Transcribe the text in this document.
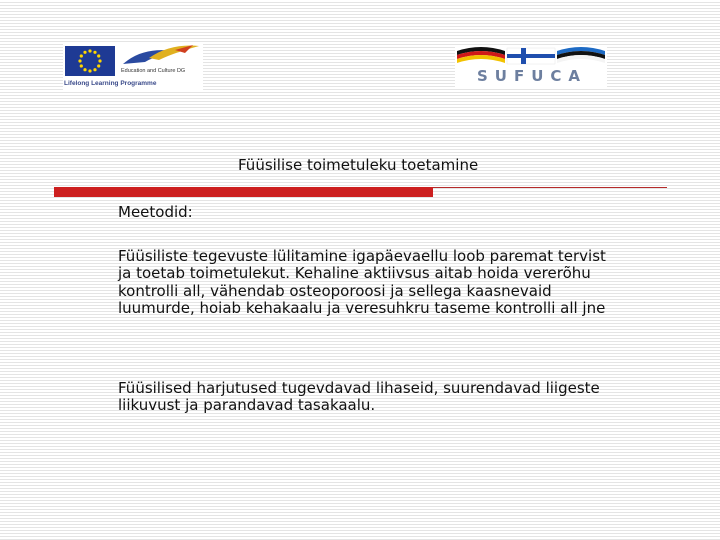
Education and Culture DG
Lifelong Learning Programme	SUFUCA
Füüsilise toimetuleku toetamine
Meetodid:
Füüsiliste tegevuste lülitamine igapäevaellu loob paremat tervist ja toetab toimetulekut. Kehaline aktiivsus aitab hoida vererõhu kontrolli all, vähendab osteoporoosi ja sellega kaasnevaid luumurde, hoiab kehakaalu ja veresuhkru taseme kontrolli all jne
Füüsilised harjutused tugevdavad lihaseid, suurendavad liigeste liikuvust ja parandavad tasakaalu.
